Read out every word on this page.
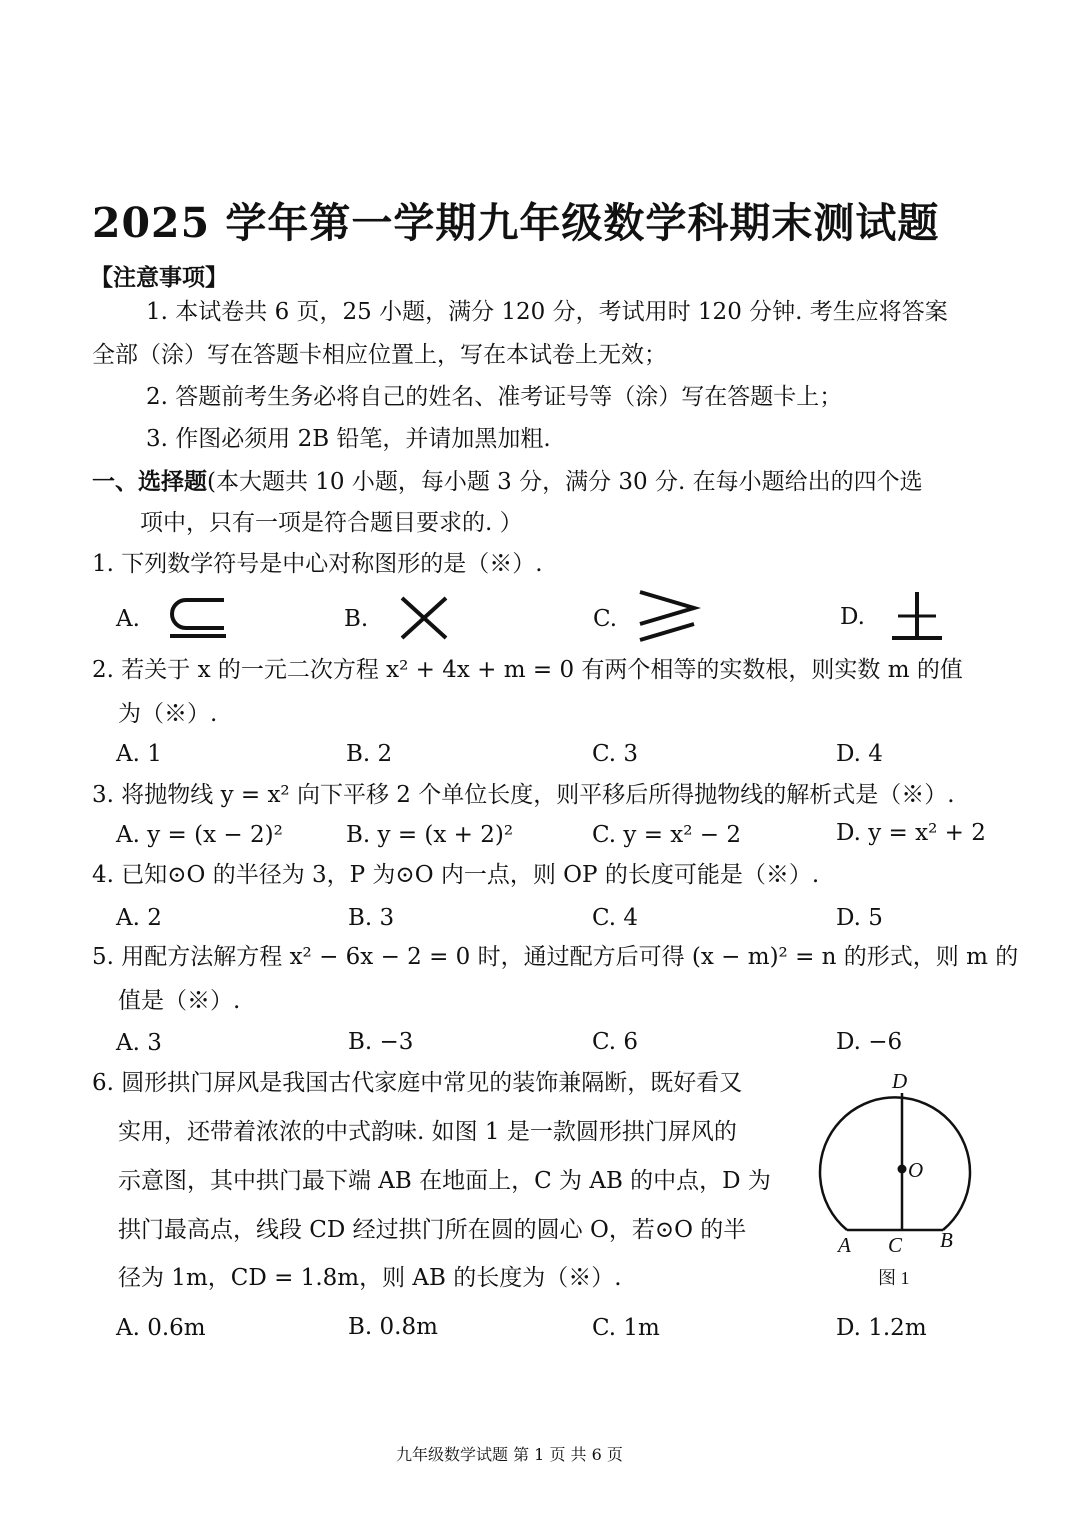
2025 学年第一学期九年级数学科期末测试题
【注意事项】
1. 本试卷共 6 页，25 小题，满分 120 分，考试用时 120 分钟. 考生应将答案
全部（涂）写在答题卡相应位置上，写在本试卷上无效；
2. 答题前考生务必将自己的姓名、准考证号等（涂）写在答题卡上；
3. 作图必须用 2B 铅笔，并请加黑加粗.
一、选择题(本大题共 10 小题，每小题 3 分，满分 30 分. 在每小题给出的四个选
项中，只有一项是符合题目要求的. ）
1. 下列数学符号是中心对称图形的是（※）.
A.	B.	C.	D.
2. 若关于 x 的一元二次方程 x² + 4x + m = 0 有两个相等的实数根，则实数 m 的值
为（※）.
A. 1	B. 2	C. 3	D. 4
3. 将抛物线 y = x² 向下平移 2 个单位长度，则平移后所得抛物线的解析式是（※）.
A. y = (x − 2)²	B. y = (x + 2)²	C. y = x² − 2	D. y = x² + 2
4. 已知⊙O 的半径为 3，P 为⊙O 内一点，则 OP 的长度可能是（※）.
A. 2	B. 3	C. 4	D. 5
5. 用配方法解方程 x² − 6x − 2 = 0 时，通过配方后可得 (x − m)² = n 的形式，则 m 的
值是（※）.
A. 3	B. −3	C. 6	D. −6
6. 圆形拱门屏风是我国古代家庭中常见的装饰兼隔断，既好看又
实用，还带着浓浓的中式韵味. 如图 1 是一款圆形拱门屏风的
示意图，其中拱门最下端 AB 在地面上，C 为 AB 的中点，D 为
拱门最高点，线段 CD 经过拱门所在圆的圆心 O，若⊙O 的半
径为 1m，CD = 1.8m，则 AB 的长度为（※）.
D
O
A C B
图 1
A. 0.6m	B. 0.8m	C. 1m	D. 1.2m
九年级数学试题 第 1 页 共 6 页
